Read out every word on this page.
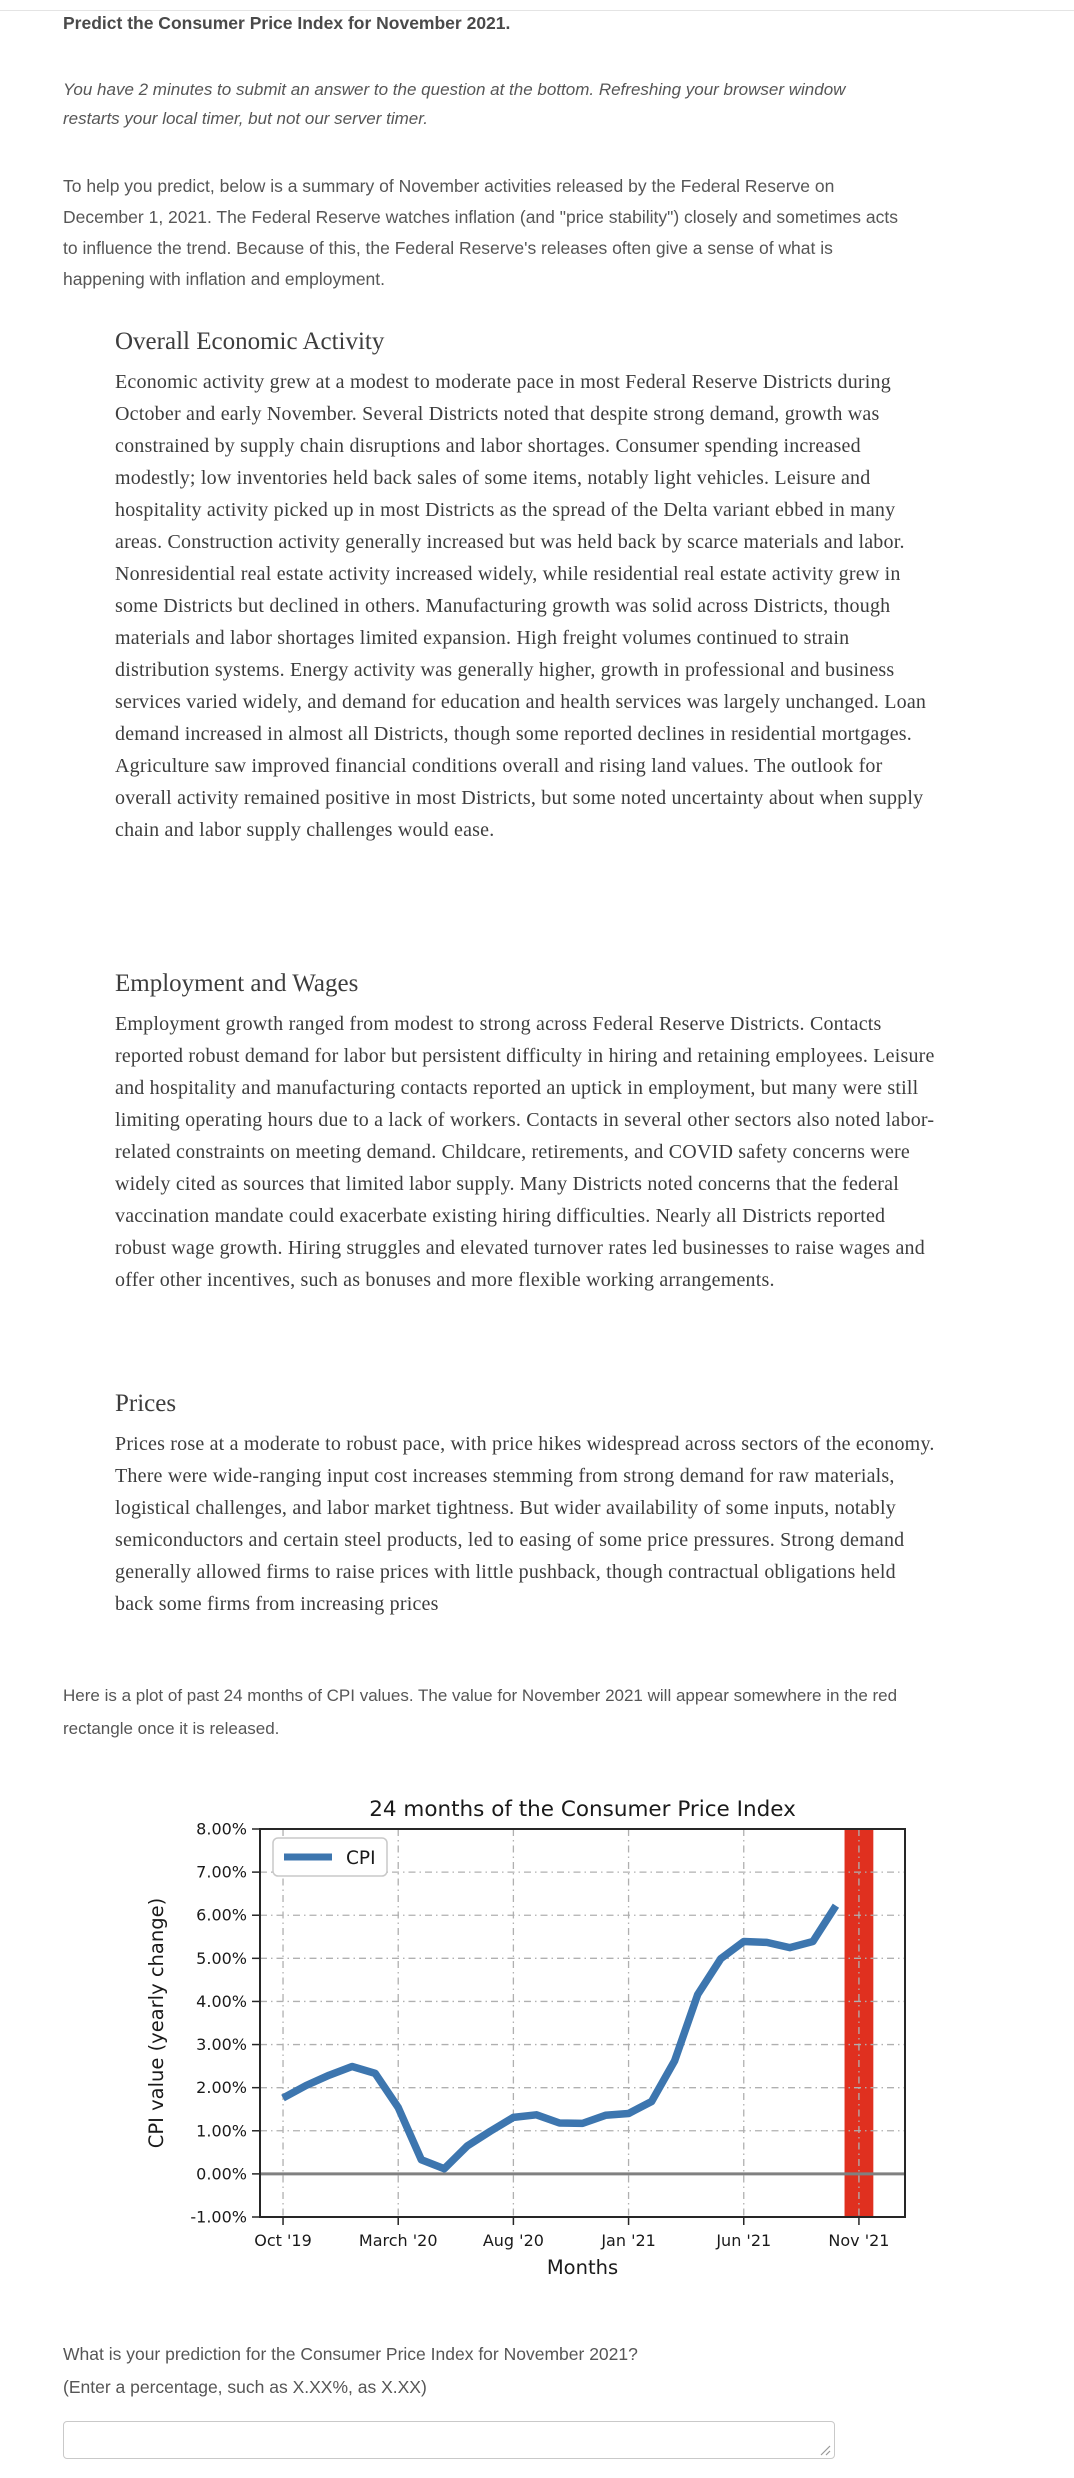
Predict the Consumer Price Index for November 2021.
You have 2 minutes to submit an answer to the question at the bottom. Refreshing your browser window restarts your local timer, but not our server timer.
To help you predict, below is a summary of November activities released by the Federal Reserve on December 1, 2021. The Federal Reserve watches inflation (and "price stability") closely and sometimes acts to influence the trend. Because of this, the Federal Reserve's releases often give a sense of what is happening with inflation and employment.
Overall Economic Activity

Economic activity grew at a modest to moderate pace in most Federal Reserve Districts during October and early November. Several Districts noted that despite strong demand, growth was constrained by supply chain disruptions and labor shortages. Consumer spending increased modestly; low inventories held back sales of some items, notably light vehicles. Leisure and hospitality activity picked up in most Districts as the spread of the Delta variant ebbed in many areas. Construction activity generally increased but was held back by scarce materials and labor. Nonresidential real estate activity increased widely, while residential real estate activity grew in some Districts but declined in others. Manufacturing growth was solid across Districts, though materials and labor shortages limited expansion. High freight volumes continued to strain distribution systems. Energy activity was generally higher, growth in professional and business services varied widely, and demand for education and health services was largely unchanged. Loan demand increased in almost all Districts, though some reported declines in residential mortgages. Agriculture saw improved financial conditions overall and rising land values. The outlook for overall activity remained positive in most Districts, but some noted uncertainty about when supply chain and labor supply challenges would ease.

Employment and Wages

Employment growth ranged from modest to strong across Federal Reserve Districts. Contacts reported robust demand for labor but persistent difficulty in hiring and retaining employees. Leisure and hospitality and manufacturing contacts reported an uptick in employment, but many were still limiting operating hours due to a lack of workers. Contacts in several other sectors also noted labor-related constraints on meeting demand. Childcare, retirements, and COVID safety concerns were widely cited as sources that limited labor supply. Many Districts noted concerns that the federal vaccination mandate could exacerbate existing hiring difficulties. Nearly all Districts reported robust wage growth. Hiring struggles and elevated turnover rates led businesses to raise wages and offer other incentives, such as bonuses and more flexible working arrangements.

Prices

Prices rose at a moderate to robust pace, with price hikes widespread across sectors of the economy. There were wide-ranging input cost increases stemming from strong demand for raw materials, logistical challenges, and labor market tightness. But wider availability of some inputs, notably semiconductors and certain steel products, led to easing of some price pressures. Strong demand generally allowed firms to raise prices with little pushback, though contractual obligations held back some firms from increasing prices

Here is a plot of past 24 months of CPI values. The value for November 2021 will appear somewhere in the red rectangle once it is released.
Oct '19	March '20	Aug '20	Jan '21	Jun '21	Nov '21
8.00%
7.00%
6.00%
5.00%
4.00%
3.00%
2.00%
1.00%
0.00%
-1.00%
24 months of the Consumer Price Index
Months
CPI value (yearly change)
CPI
What is your prediction for the Consumer Price Index for November 2021?
(Enter a percentage, such as X.XX%, as X.XX)
